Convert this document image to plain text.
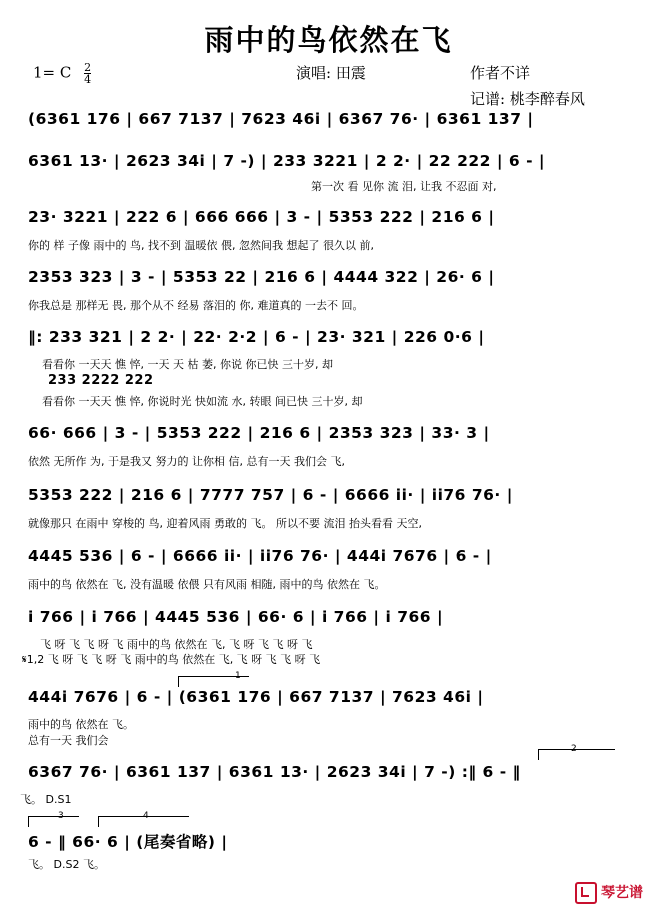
雨中的鸟依然在飞
1= C $\frac{2}{4}$	演唱: 田震	作者不详
记谱: 桃李醉春风
(6361 176 | 667 7137 | 7623 46i | 6367 76· | 6361 137 |
6361 13· | 2623 34i | 7 -) | 233 3221 | 2 2· | 22 222 | 6 - |
第一次 看 见你 流 泪, 让我 不忍面 对,
23· 3221 | 222 6 | 666 666 | 3 - | 5353 222 | 216 6 |
你的 样 子像 雨中的 鸟, 找不到 温暖依 偎, 忽然间我 想起了 很久以 前,
2353 323 | 3 - | 5353 22 | 216 6 | 4444 322 | 26· 6 |
你我总是 那样无 畏, 那个从不 经易 落泪的 你, 难道真的 一去不 回。
‖: 233 321 | 2 2· | 22· 2·2 | 6 - | 23· 321 | 226 0·6 |
看看你 一天天 憔 悴, 一天 天 枯 萎, 你说 你已快 三十岁, 却
233 2222 222
看看你 一天天 憔 悴, 你说时光 快如流 水, 转眼 间已快 三十岁, 却
66· 666 | 3 - | 5353 222 | 216 6 | 2353 323 | 33· 3 |
依然 无所作 为, 于是我又 努力的 让你相 信, 总有一天 我们会 飞,
5353 222 | 216 6 | 7777 757 | 6 - | 6666 ii· | ii76 76· |
就像那只 在雨中 穿梭的 鸟, 迎着风雨 勇敢的 飞。 所以不要 流泪 抬头看看 天空,
4445 536 | 6 - | 6666 ii· | ii76 76· | 444i 7676 | 6 - |
雨中的鸟 依然在 飞, 没有温暖 依偎 只有风雨 相随, 雨中的鸟 依然在 飞。
i 766 | i 766 | 4445 536 | 66· 6 | i 766 | i 766 |
飞 呀 飞 飞 呀 飞 雨中的鸟 依然在 飞, 飞 呀 飞 飞 呀 飞
𝄋1,2 飞 呀 飞 飞 呀 飞 雨中的鸟 依然在 飞, 飞 呀 飞 飞 呀 飞
1
444i 7676 | 6 - | (6361 176 | 667 7137 | 7623 46i |
雨中的鸟 依然在 飞。
总有一天 我们会
2
6367 76· | 6361 137 | 6361 13· | 2623 34i | 7 -) :‖ 6 - ‖
飞。 D.S1
3	4
6 - ‖ 66· 6 | (尾奏省略) |
飞。 D.S2 飞。
琴艺谱
